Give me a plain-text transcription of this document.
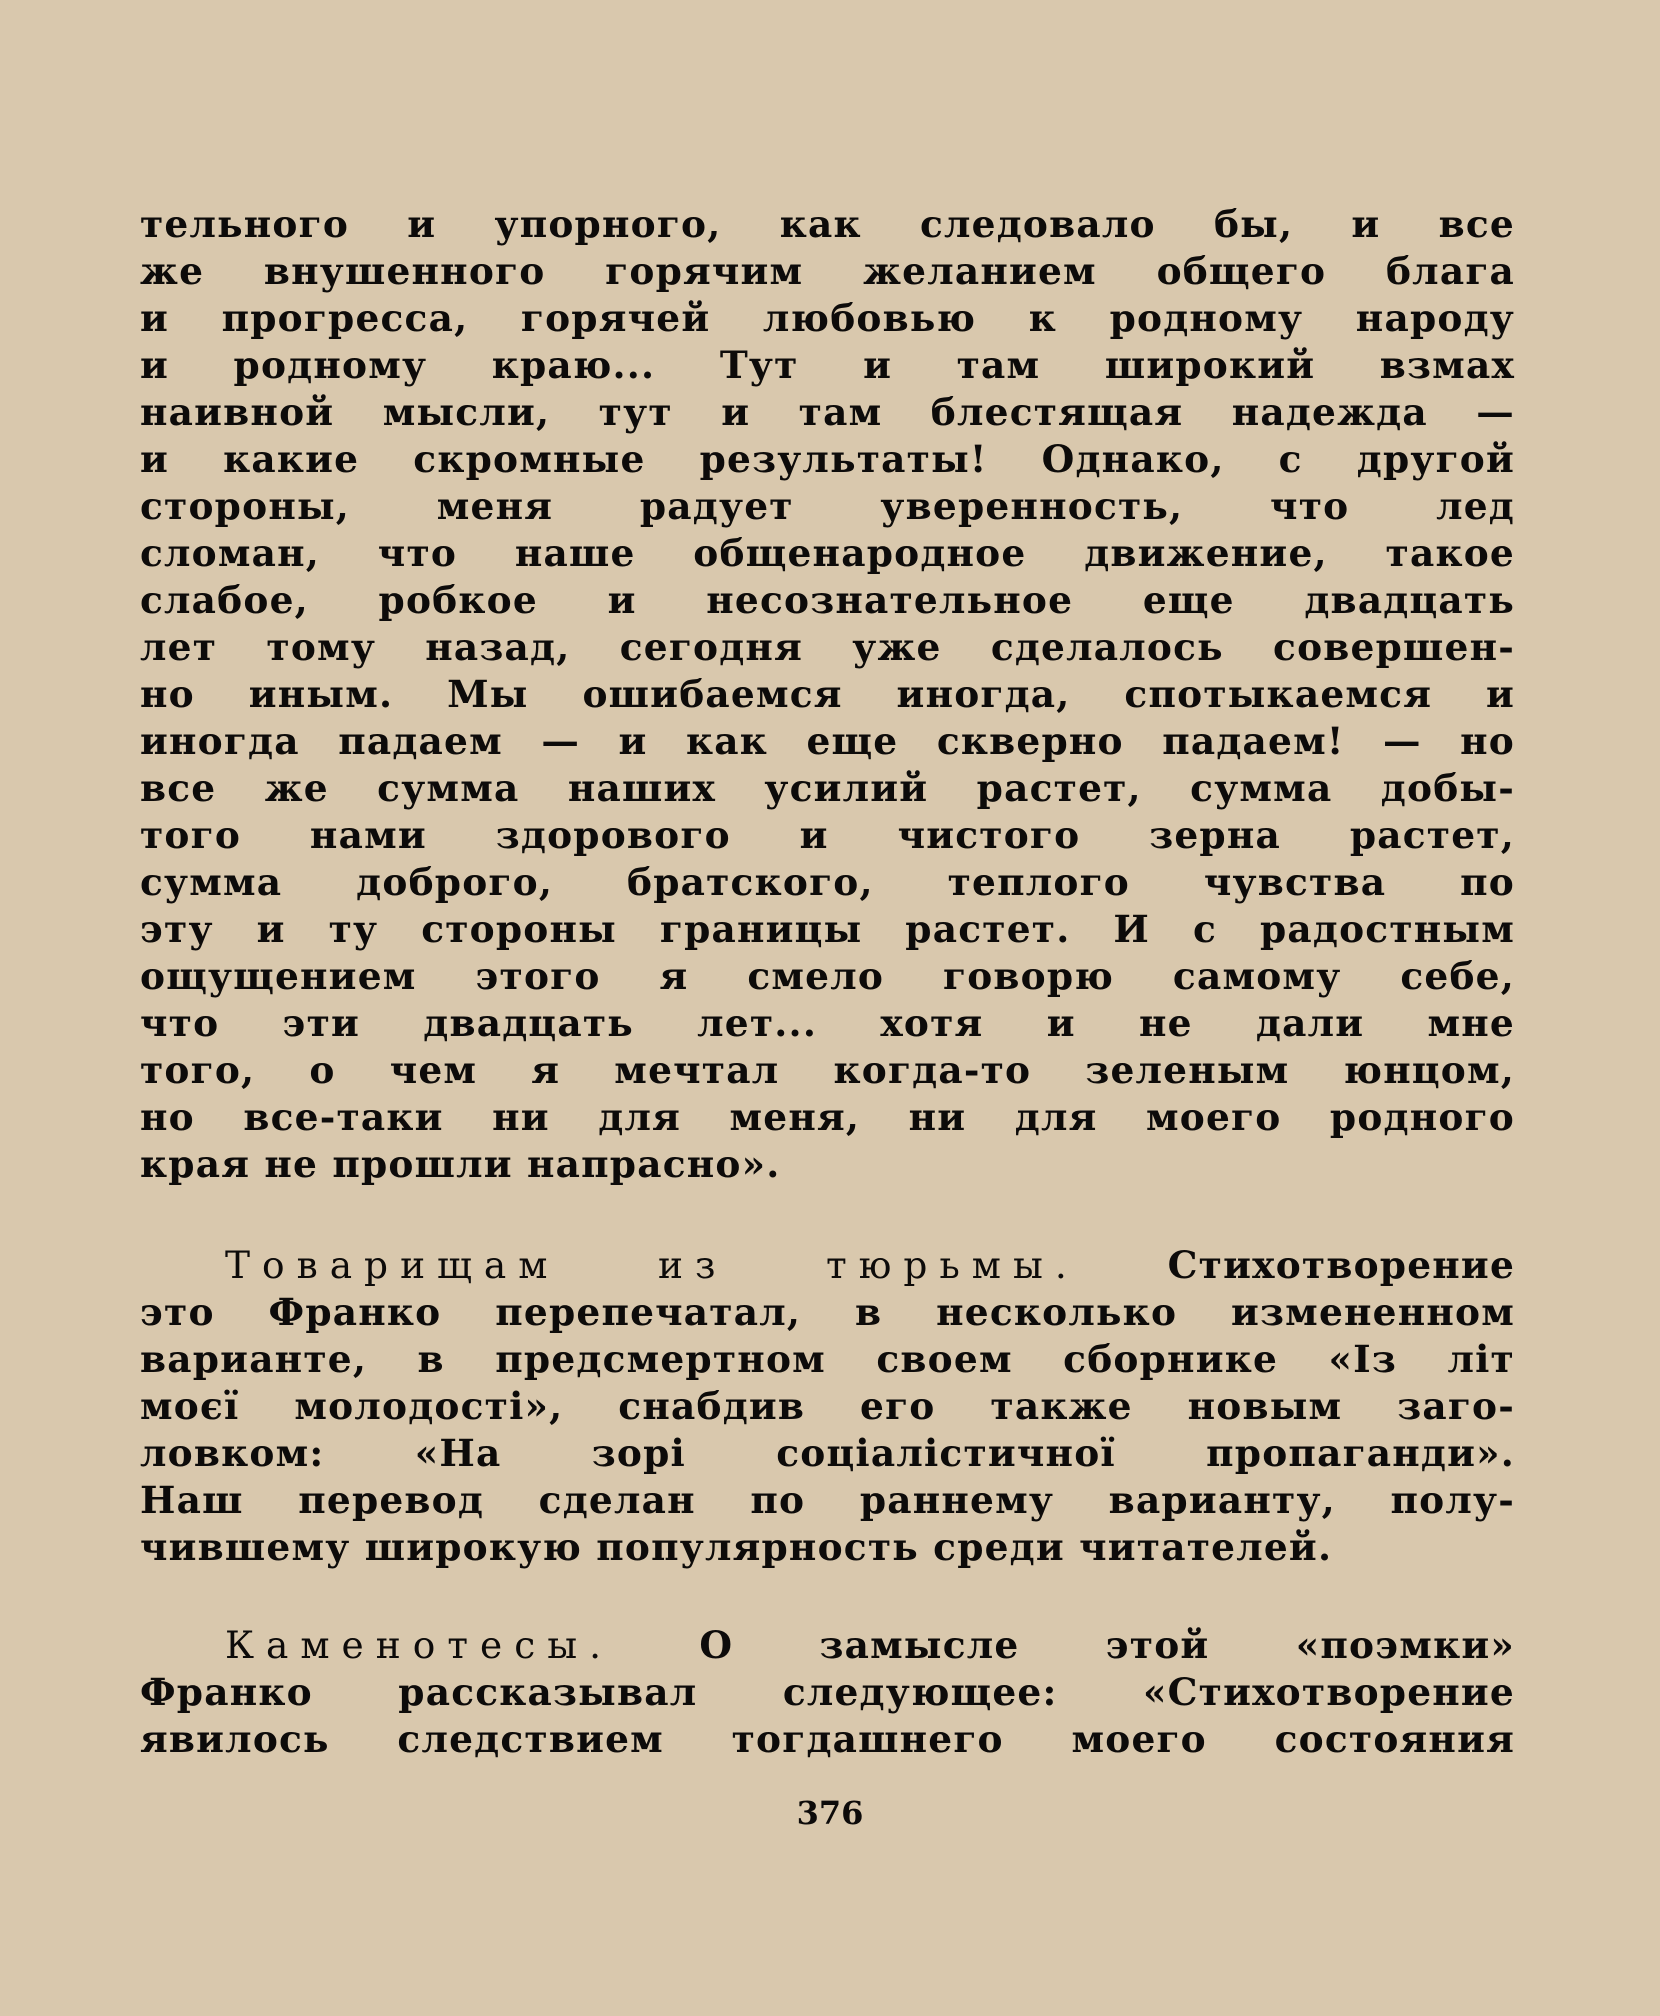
тельного и упорного, как следовало бы, и все
же внушенного горячим желанием общего блага
и прогресса, горячей любовью к родному народу
и родному краю... Тут и там широкий взмах
наивной мысли, тут и там блестящая надежда —
и какие скромные результаты! Однако, с другой
стороны, меня радует уверенность, что лед
сломан, что наше общенародное движение, такое
слабое, робкое и несознательное еще двадцать
лет тому назад, сегодня уже сделалось совершен-
но иным. Мы ошибаемся иногда, спотыкаемся и
иногда падаем — и как еще скверно падаем! — но
все же сумма наших усилий растет, сумма добы-
того нами здорового и чистого зерна растет,
сумма доброго, братского, теплого чувства по
эту и ту стороны границы растет. И с радостным
ощущением этого я смело говорю самому себе,
что эти двадцать лет... хотя и не дали мне
того, о чем я мечтал когда-то зеленым юнцом,
но все-таки ни для меня, ни для моего родного
края не прошли напрасно».
Товарищам из тюрьмы. Стихотворение
это Франко перепечатал, в несколько измененном
варианте, в предсмертном своем сборнике «Із літ
моєї молодості», снабдив его также новым заго-
ловком: «На зорі соціалістичної пропаганди».
Наш перевод сделан по раннему варианту, полу-
чившему широкую популярность среди читателей.
Каменотесы. О замысле этой «поэмки»
Франко рассказывал следующее: «Стихотворение
явилось следствием тогдашнего моего состояния
376
